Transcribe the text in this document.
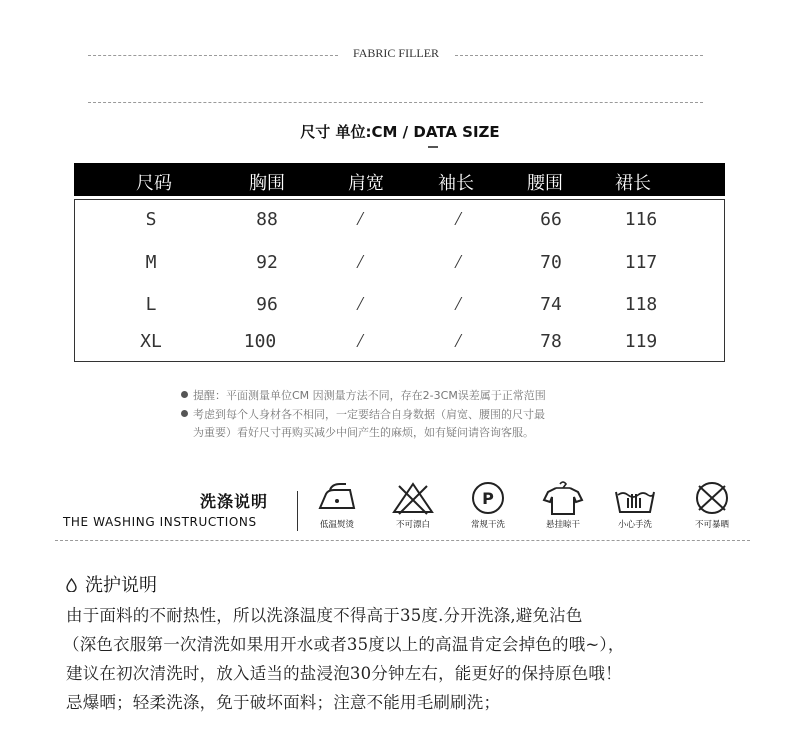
FABRIC FILLER
尺寸 单位:CM / DATA SIZE
尺码	胸围	肩宽	袖长	腰围	裙长
S	88	/	/	66	116
M	92	/	/	70	117
L	96	/	/	74	118
XL	100	/	/	78	119
提醒：平面测量单位CM 因测量方法不同，存在2-3CM误差属于正常范围
考虑到每个人身材各不相同，一定要结合自身数据（肩宽、腰围的尺寸最
为重要）看好尺寸再购买减少中间产生的麻烦，如有疑问请咨询客服。
洗涤说明
THE WASHING INSTRUCTIONS	低温熨烫	不可漂白
P
常规干洗	悬挂晾干	小心手洗	不可暴晒
洗护说明
由于面料的不耐热性，所以洗涤温度不得高于35度.分开洗涤,避免沾色
（深色衣服第一次清洗如果用开水或者35度以上的高温肯定会掉色的哦~），
建议在初次清洗时，放入适当的盐浸泡30分钟左右，能更好的保持原色哦！
忌爆晒；轻柔洗涤，免于破坏面料；注意不能用毛刷刷洗；
